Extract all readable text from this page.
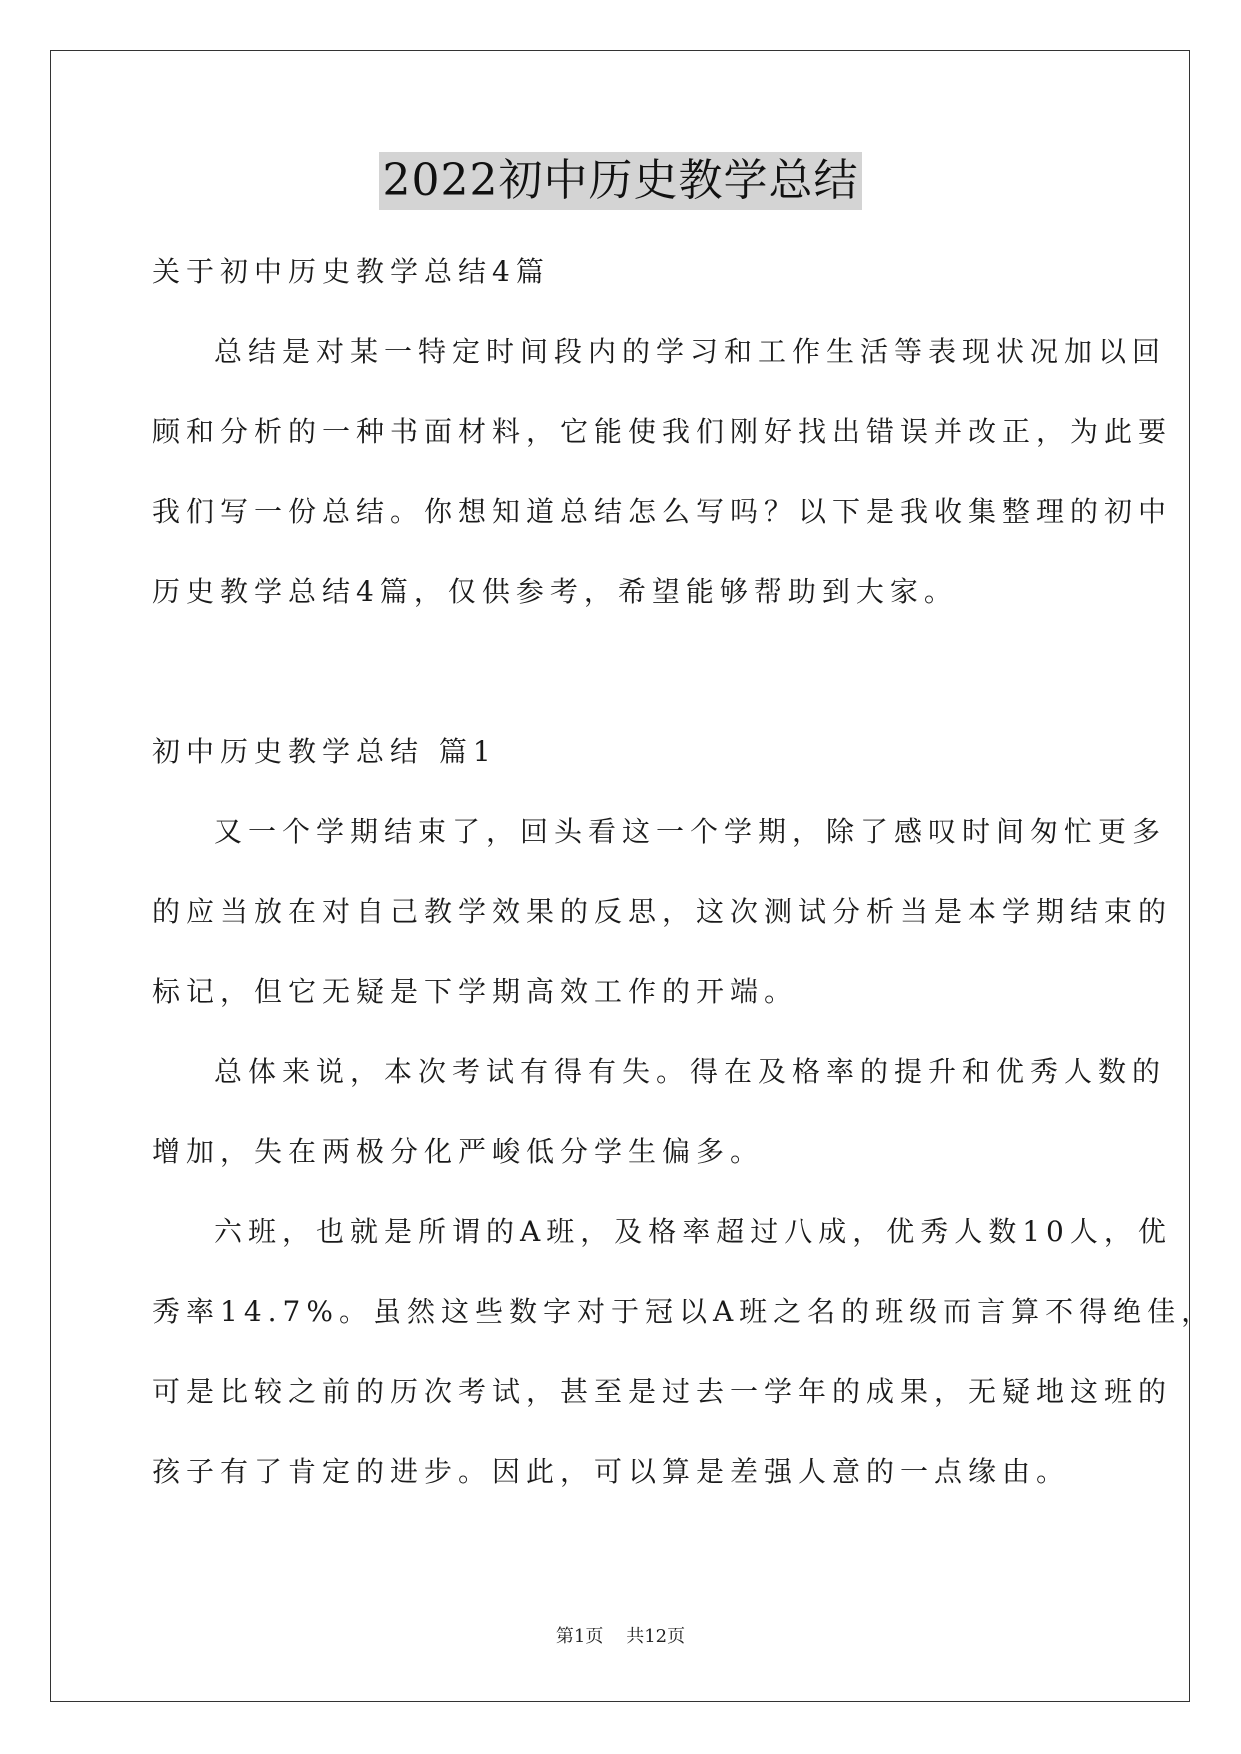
2022初中历史教学总结
关于初中历史教学总结4篇
总结是对某一特定时间段内的学习和工作生活等表现状况加以回
顾和分析的一种书面材料，它能使我们刚好找出错误并改正，为此要
我们写一份总结。你想知道总结怎么写吗？以下是我收集整理的初中
历史教学总结4篇，仅供参考，希望能够帮助到大家。
初中历史教学总结 篇1
又一个学期结束了，回头看这一个学期，除了感叹时间匆忙更多
的应当放在对自己教学效果的反思，这次测试分析当是本学期结束的
标记，但它无疑是下学期高效工作的开端。
总体来说，本次考试有得有失。得在及格率的提升和优秀人数的
增加，失在两极分化严峻低分学生偏多。
六班，也就是所谓的A班，及格率超过八成，优秀人数10人，优
秀率14.7%。虽然这些数字对于冠以A班之名的班级而言算不得绝佳，
可是比较之前的历次考试，甚至是过去一学年的成果，无疑地这班的
孩子有了肯定的进步。因此，可以算是差强人意的一点缘由。
第1页    共12页
